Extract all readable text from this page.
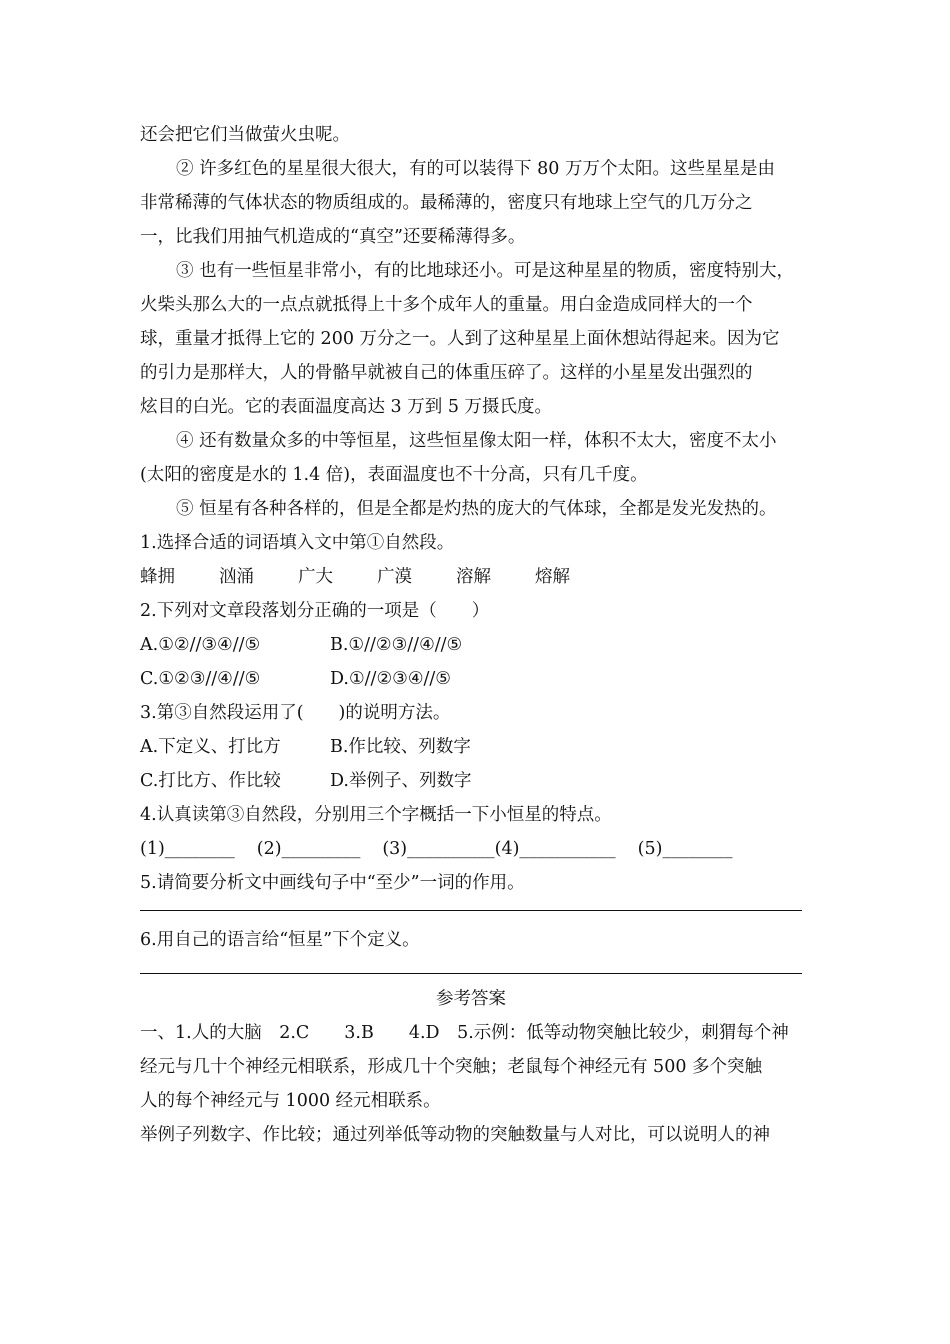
还会把它们当做萤火虫呢。
② 许多红色的星星很大很大，有的可以装得下 80 万万个太阳。这些星星是由
非常稀薄的气体状态的物质组成的。最稀薄的，密度只有地球上空气的几万分之
一，比我们用抽气机造成的“真空”还要稀薄得多。
③ 也有一些恒星非常小，有的比地球还小。可是这种星星的物质，密度特别大，
火柴头那么大的一点点就抵得上十多个成年人的重量。用白金造成同样大的一个
球，重量才抵得上它的 200 万分之一。人到了这种星星上面休想站得起来。因为它
的引力是那样大，人的骨骼早就被自己的体重压碎了。这样的小星星发出强烈的
炫目的白光。它的表面温度高达 3 万到 5 万摄氏度。
④ 还有数量众多的中等恒星，这些恒星像太阳一样，体积不太大，密度不太小
(太阳的密度是水的 1.4 倍)，表面温度也不十分高，只有几千度。
⑤ 恒星有各种各样的，但是全都是灼热的庞大的气体球，全都是发光发热的。
1.选择合适的词语填入文中第①自然段。
蜂拥	汹涌	广大	广漠	溶解	熔解
2.下列对文章段落划分正确的一项是（　　）
A.①②//③④//⑤	B.①//②③//④//⑤
C.①②③//④//⑤	D.①//②③④//⑤
3.第③自然段运用了(　　)的说明方法。
A.下定义、打比方	B.作比较、列数字
C.打比方、作比较	D.举例子、列数字
4.认真读第③自然段，分别用三个字概括一下小恒星的特点。
(1)________ (2)_________ (3)__________(4)___________ (5)________
5.请简要分析文中画线句子中“至少”一词的作用。
6.用自己的语言给“恒星”下个定义。
参考答案
一、1.人的大脑　2.C　　3.B　　4.D　5.示例：低等动物突触比较少，刺猬每个神
经元与几十个神经元相联系，形成几十个突触；老鼠每个神经元有 500 多个突触
人的每个神经元与 1000 经元相联系。
举例子列数字、作比较；通过列举低等动物的突触数量与人对比，可以说明人的神
